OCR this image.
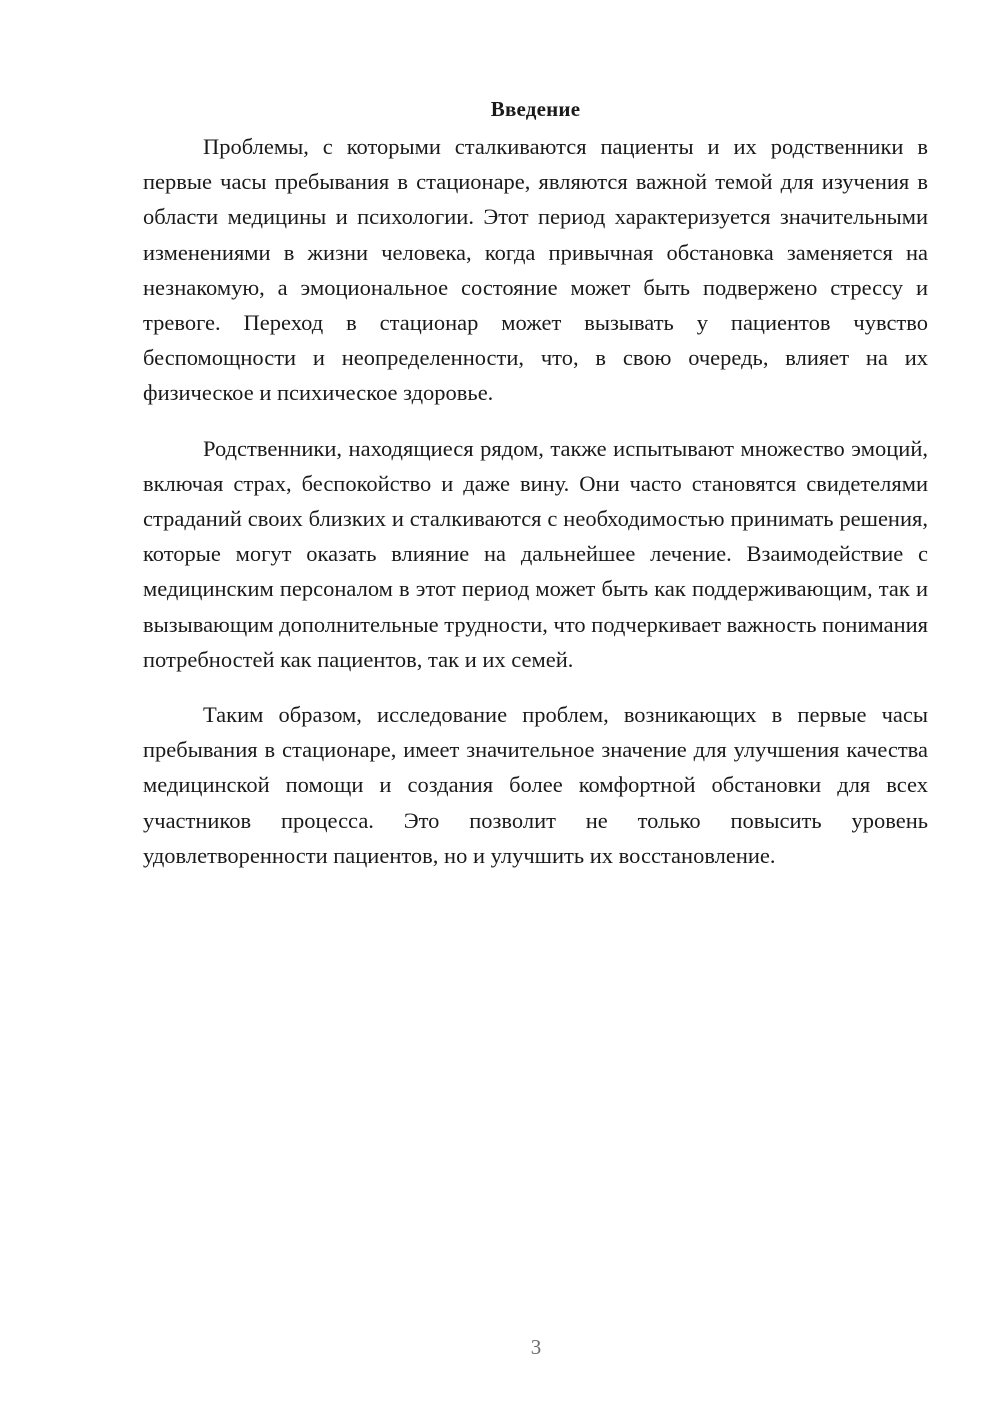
Введение

Проблемы, с которыми сталкиваются пациенты и их родственники в первые часы пребывания в стационаре, являются важной темой для изучения в области медицины и психологии. Этот период характеризуется значительными изменениями в жизни человека, когда привычная обстановка заменяется на незнакомую, а эмоциональное состояние может быть подвержено стрессу и тревоге. Переход в стационар может вызывать у пациентов чувство беспомощности и неопределенности, что, в свою очередь, влияет на их физическое и психическое здоровье.

Родственники, находящиеся рядом, также испытывают множество эмоций, включая страх, беспокойство и даже вину. Они часто становятся свидетелями страданий своих близких и сталкиваются с необходимостью принимать решения, которые могут оказать влияние на дальнейшее лечение. Взаимодействие с медицинским персоналом в этот период может быть как поддерживающим, так и вызывающим дополнительные трудности, что подчеркивает важность понимания потребностей как пациентов, так и их семей.

Таким образом, исследование проблем, возникающих в первые часы пребывания в стационаре, имеет значительное значение для улучшения качества медицинской помощи и создания более комфортной обстановки для всех участников процесса. Это позволит не только повысить уровень удовлетворенности пациентов, но и улучшить их восстановление.

3
